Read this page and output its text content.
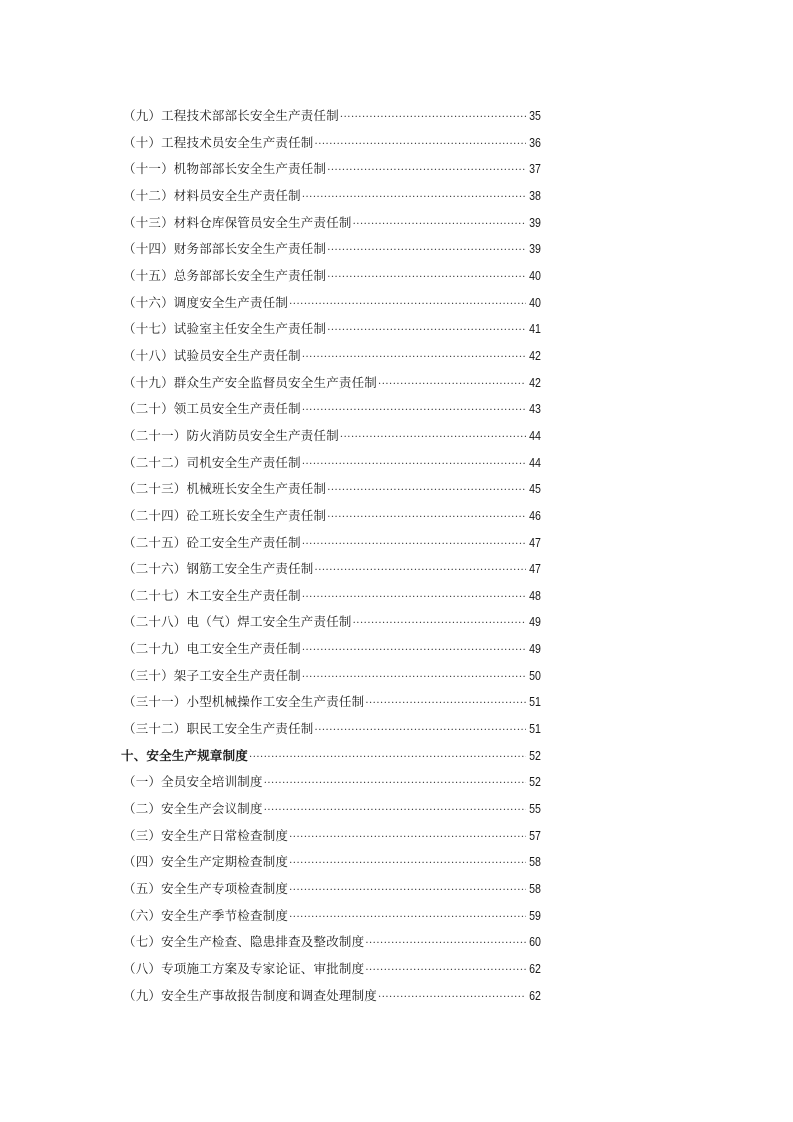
（九）工程技术部部长安全生产责任制 ·····	35
（十）工程技术员安全生产责任制 ·····	36
（十一）机物部部长安全生产责任制 ·····	37
（十二）材料员安全生产责任制 ·····	38
（十三）材料仓库保管员安全生产责任制 ·····	39
（十四）财务部部长安全生产责任制 ·····	39
（十五）总务部部长安全生产责任制 ·····	40
（十六）调度安全生产责任制 ·····	40
（十七）试验室主任安全生产责任制 ·····	41
（十八）试验员安全生产责任制 ·····	42
（十九）群众生产安全监督员安全生产责任制 ·····	42
（二十）领工员安全生产责任制 ·····	43
（二十一）防火消防员安全生产责任制 ·····	44
（二十二）司机安全生产责任制 ·····	44
（二十三）机械班长安全生产责任制 ·····	45
（二十四）砼工班长安全生产责任制 ·····	46
（二十五）砼工安全生产责任制 ·····	47
（二十六）钢筋工安全生产责任制 ·····	47
（二十七）木工安全生产责任制 ·····	48
（二十八）电（气）焊工安全生产责任制 ·····	49
（二十九）电工安全生产责任制 ·····	49
（三十）架子工安全生产责任制 ·····	50
（三十一）小型机械操作工安全生产责任制 ·····	51
（三十二）职民工安全生产责任制 ·····	51
十、安全生产规章制度 ·····	52
（一）全员安全培训制度 ·····	52
（二）安全生产会议制度 ·····	55
（三）安全生产日常检查制度 ·····	57
（四）安全生产定期检查制度 ·····	58
（五）安全生产专项检查制度 ·····	58
（六）安全生产季节检查制度 ·····	59
（七）安全生产检查、隐患排查及整改制度 ·····	60
（八）专项施工方案及专家论证、审批制度 ·····	62
（九）安全生产事故报告制度和调查处理制度 ·····	62
